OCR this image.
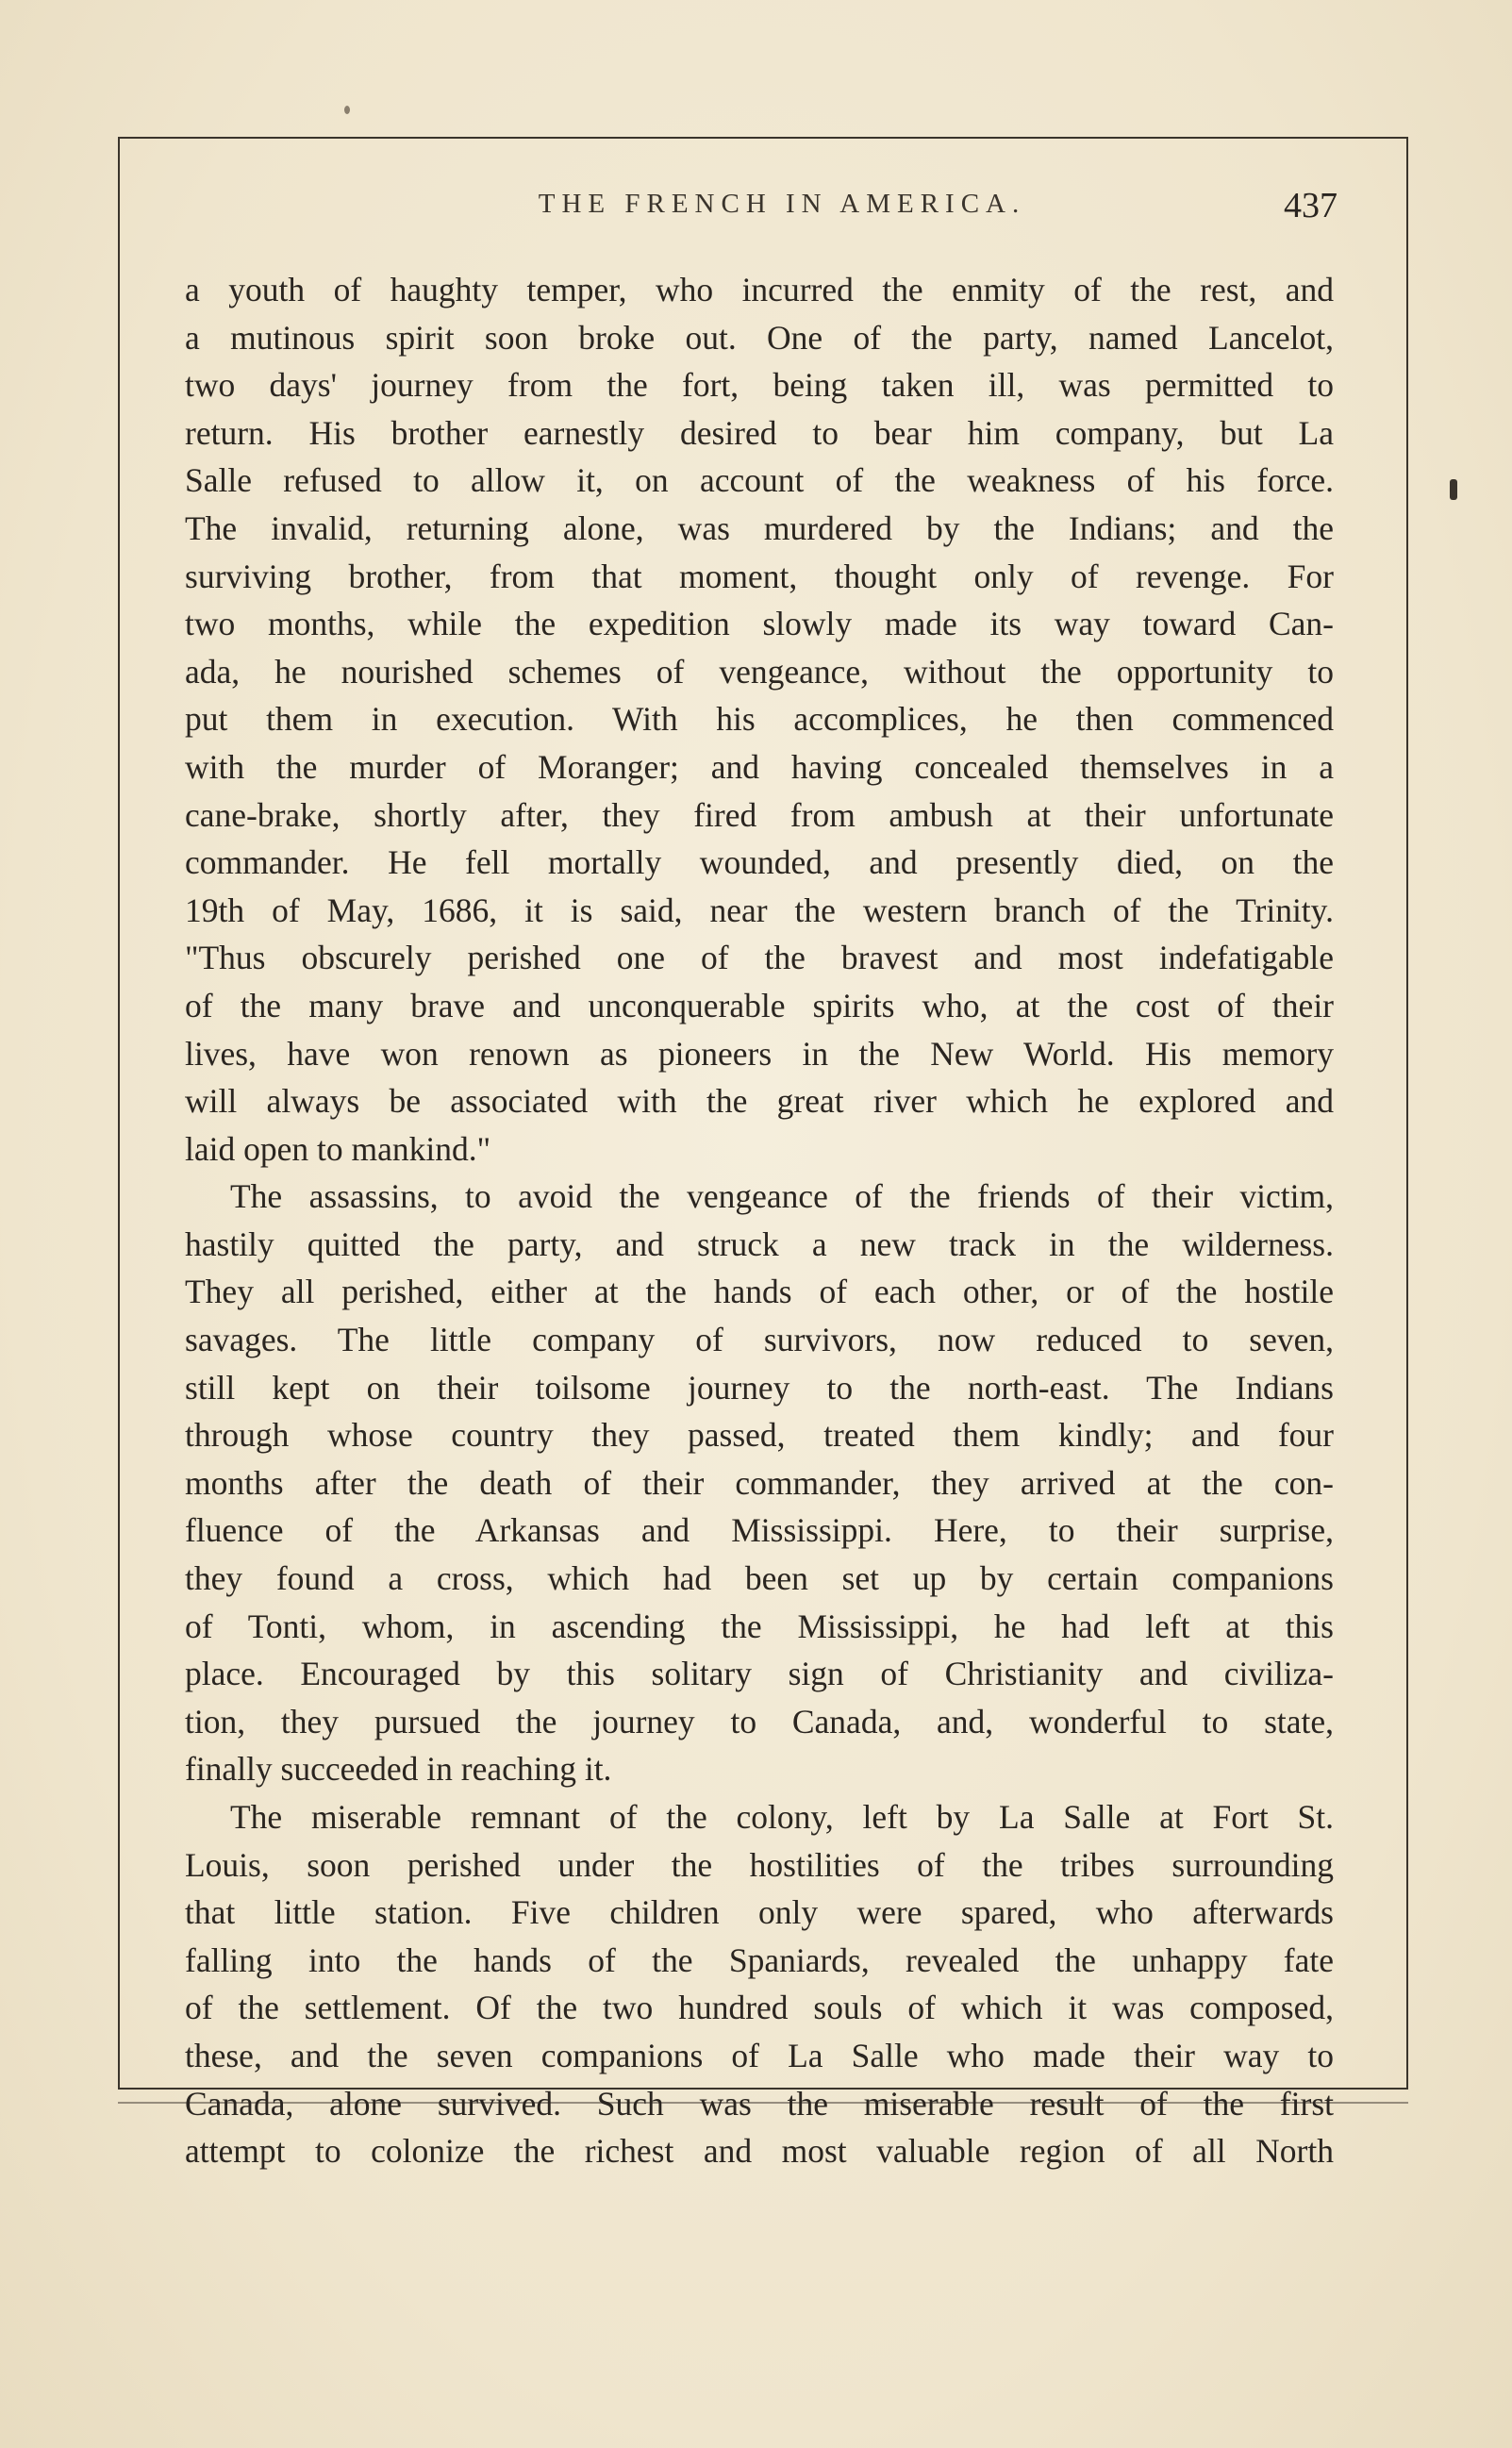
THE FRENCH IN AMERICA.	437
a youth of haughty temper, who incurred the enmity of the rest, and
a mutinous spirit soon broke out. One of the party, named Lancelot,
two days' journey from the fort, being taken ill, was permitted to
return. His brother earnestly desired to bear him company, but La
Salle refused to allow it, on account of the weakness of his force.
The invalid, returning alone, was murdered by the Indians; and the
surviving brother, from that moment, thought only of revenge. For
two months, while the expedition slowly made its way toward Can-
ada, he nourished schemes of vengeance, without the opportunity to
put them in execution. With his accomplices, he then commenced
with the murder of Moranger; and having concealed themselves in a
cane-brake, shortly after, they fired from ambush at their unfortunate
commander. He fell mortally wounded, and presently died, on the
19th of May, 1686, it is said, near the western branch of the Trinity.
"Thus obscurely perished one of the bravest and most indefatigable
of the many brave and unconquerable spirits who, at the cost of their
lives, have won renown as pioneers in the New World. His memory
will always be associated with the great river which he explored and
laid open to mankind."
The assassins, to avoid the vengeance of the friends of their victim,
hastily quitted the party, and struck a new track in the wilderness.
They all perished, either at the hands of each other, or of the hostile
savages. The little company of survivors, now reduced to seven,
still kept on their toilsome journey to the north-east. The Indians
through whose country they passed, treated them kindly; and four
months after the death of their commander, they arrived at the con-
fluence of the Arkansas and Mississippi. Here, to their surprise,
they found a cross, which had been set up by certain companions
of Tonti, whom, in ascending the Mississippi, he had left at this
place. Encouraged by this solitary sign of Christianity and civiliza-
tion, they pursued the journey to Canada, and, wonderful to state,
finally succeeded in reaching it.
The miserable remnant of the colony, left by La Salle at Fort St.
Louis, soon perished under the hostilities of the tribes surrounding
that little station. Five children only were spared, who afterwards
falling into the hands of the Spaniards, revealed the unhappy fate
of the settlement. Of the two hundred souls of which it was composed,
these, and the seven companions of La Salle who made their way to
Canada, alone survived. Such was the miserable result of the first
attempt to colonize the richest and most valuable region of all North
